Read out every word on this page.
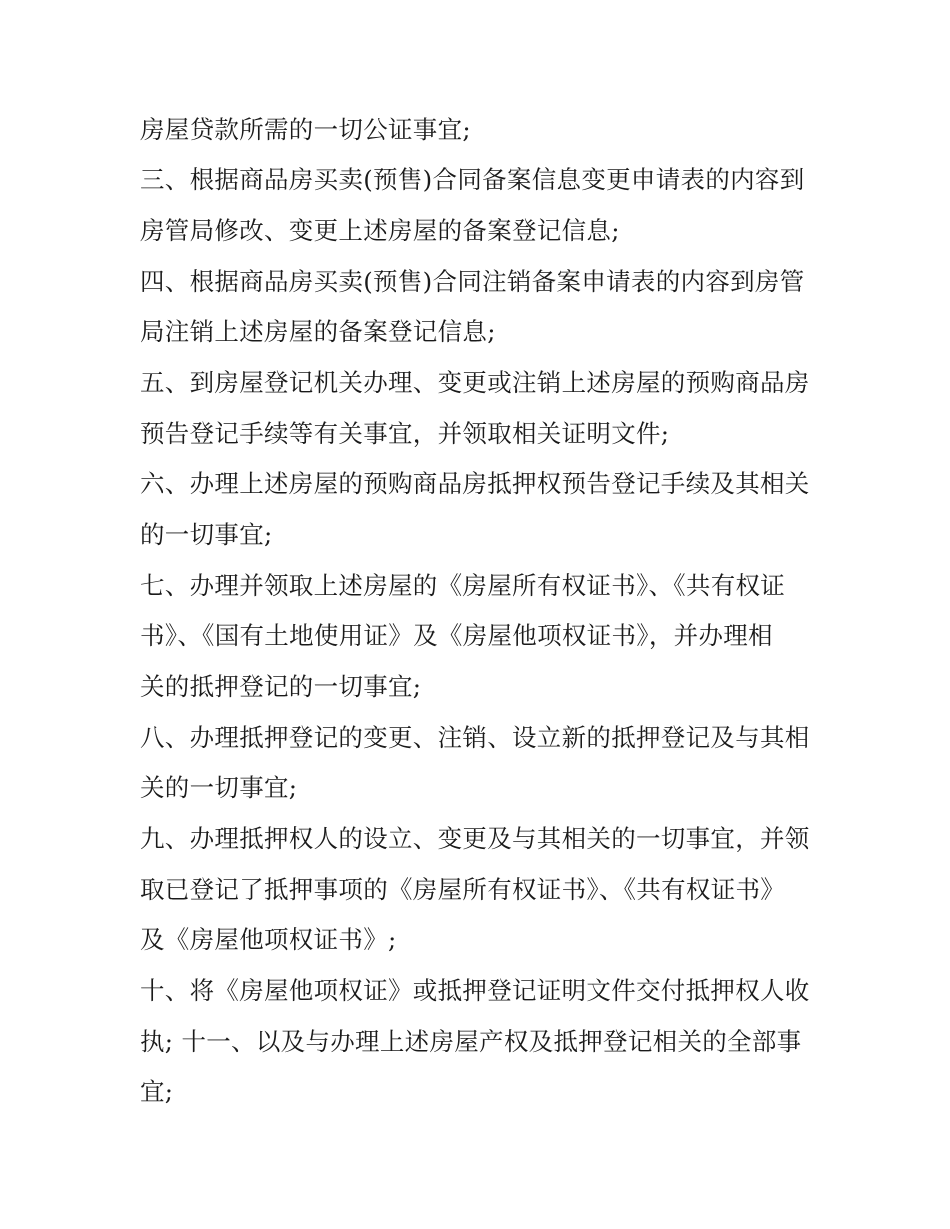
房屋贷款所需的一切公证事宜;
三、根据商品房买卖(预售)合同备案信息变更申请表的内容到
房管局修改、变更上述房屋的备案登记信息;
四、根据商品房买卖(预售)合同注销备案申请表的内容到房管
局注销上述房屋的备案登记信息;
五、到房屋登记机关办理、变更或注销上述房屋的预购商品房
预告登记手续等有关事宜，并领取相关证明文件;
六、办理上述房屋的预购商品房抵押权预告登记手续及其相关
的一切事宜;
七、办理并领取上述房屋的《房屋所有权证书》、《共有权证
书》、《国有土地使用证》及《房屋他项权证书》，并办理相
关的抵押登记的一切事宜;
八、办理抵押登记的变更、注销、设立新的抵押登记及与其相
关的一切事宜;
九、办理抵押权人的设立、变更及与其相关的一切事宜，并领
取已登记了抵押事项的《房屋所有权证书》、《共有权证书》
及《房屋他项权证书》;
十、将《房屋他项权证》或抵押登记证明文件交付抵押权人收
执; 十一、以及与办理上述房屋产权及抵押登记相关的全部事
宜;
